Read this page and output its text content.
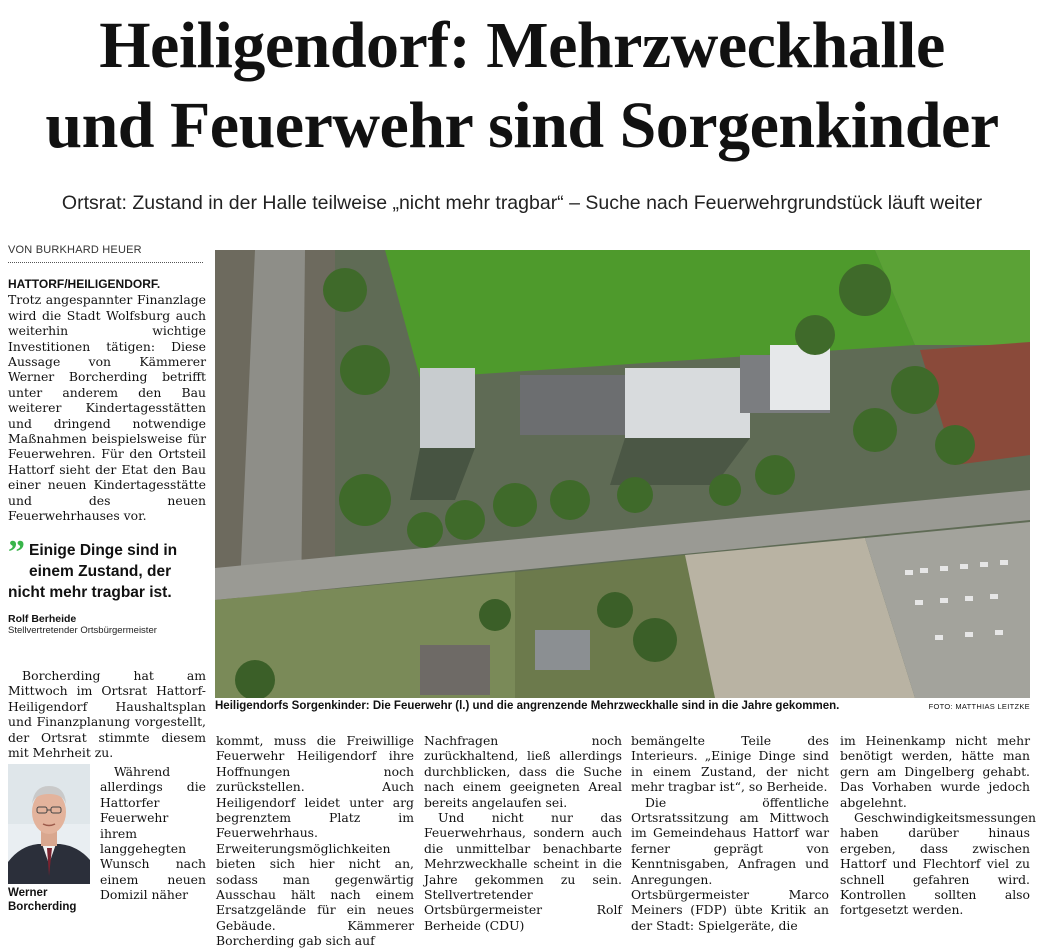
Heiligendorf: Mehrzweckhalle
und Feuerwehr sind Sorgenkinder
Ortsrat: Zustand in der Halle teilweise „nicht mehr tragbar“ – Suche nach Feuerwehrgrundstück läuft weiter
VON BURKHARD HEUER

HATTORF/HEILIGENDORF.
Trotz angespannter Finanzlage wird die Stadt Wolfsburg auch weiterhin wichtige Investitionen tätigen: Diese Aussage von Kämmerer Werner Borcherding betrifft unter anderem den Bau weiterer Kindertagesstätten und dringend notwendige Maßnahmen beispielsweise für Feuerwehren. Für den Ortsteil Hattorf sieht der Etat den Bau einer neuen Kindertagesstätte und des neuen Feuerwehrhauses vor.

” Einige Dinge sind in einem Zustand, der nicht mehr tragbar ist.
Rolf Berheide
Stellvertretender Ortsbürgermeister

Borcherding hat am Mittwoch im Ortsrat Hattorf-Heiligendorf Haushaltsplan und Finanzplanung vorgestellt, der Ortsrat stimmte diesem mit Mehrheit zu.

Werner Borcherding

Während allerdings die Hattorfer Feuerwehr ihrem langgehegten Wunsch nach einem neuen Domizil näher

Heiligendorfs Sorgenkinder: Die Feuerwehr (l.) und die angrenzende Mehrzweckhalle sind in die Jahre gekommen.	FOTO: MATTHIAS LEITZKE

kommt, muss die Freiwillige Feuerwehr Heiligendorf ihre Hoffnungen noch zurückstellen. Auch Heiligendorf leidet unter arg begrenztem Platz im Feuerwehrhaus. Erweiterungsmöglichkeiten bieten sich hier nicht an, sodass man gegenwärtig Ausschau hält nach einem Ersatzgelände für ein neues Gebäude. Kämmerer Borcherding gab sich auf

Nachfragen noch zurückhaltend, ließ allerdings durchblicken, dass die Suche nach einem geeigneten Areal bereits angelaufen sei.

Und nicht nur das Feuerwehrhaus, sondern auch die unmittelbar benachbarte Mehrzweckhalle scheint in die Jahre gekommen zu sein. Stellvertretender Ortsbürgermeister Rolf Berheide (CDU)

bemängelte Teile des Interieurs. „Einige Dinge sind in einem Zustand, der nicht mehr tragbar ist“, so Berheide.

Die öffentliche Ortsratssitzung am Mittwoch im Gemeindehaus Hattorf war ferner geprägt von Kenntnisgaben, Anfragen und Anregungen. Ortsbürgermeister Marco Meiners (FDP) übte Kritik an der Stadt: Spielgeräte, die

im Heinenkamp nicht mehr benötigt werden, hätte man gern am Dingelberg gehabt. Das Vorhaben wurde jedoch abgelehnt.

Geschwindigkeitsmessungen haben darüber hinaus ergeben, dass zwischen Hattorf und Flechtorf viel zu schnell gefahren wird. Kontrollen sollten also fortgesetzt werden.
